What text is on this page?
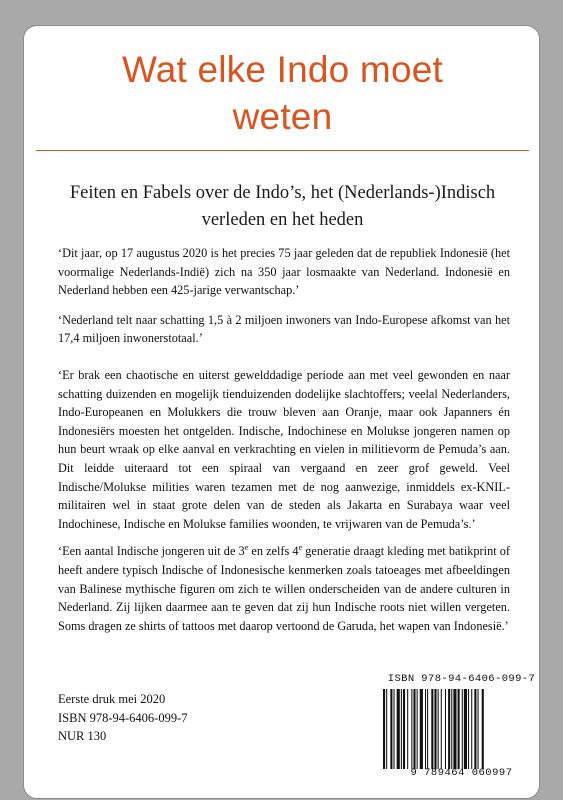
Wat elke Indo moet
weten
Feiten en Fabels over de Indo’s, het (Nederlands-)Indisch
verleden en het heden

‘Dit jaar, op 17 augustus 2020 is het precies 75 jaar geleden dat de republiek Indonesië (het voormalige Nederlands-Indië) zich na 350 jaar losmaakte van Nederland. Indonesië en Nederland hebben een 425-jarige verwantschap.’

‘Nederland telt naar schatting 1,5 à 2 miljoen inwoners van Indo-Europese afkomst van het 17,4 miljoen inwonerstotaal.’

‘Er brak een chaotische en uiterst gewelddadige periode aan met veel gewonden en naar schatting duizenden en mogelijk tienduizenden dodelijke slachtoffers; veelal Nederlanders, Indo-Europeanen en Molukkers die trouw bleven aan Oranje, maar ook Japanners én Indonesiërs moesten het ontgelden. Indische, Indochinese en Molukse jongeren namen op hun beurt wraak op elke aanval en verkrachting en vielen in militievorm de Pemuda’s aan. Dit leidde uiteraard tot een spiraal van vergaand en zeer grof geweld. Veel Indische/Molukse milities waren tezamen met de nog aanwezige, inmiddels ex-KNIL-militairen wel in staat grote delen van de steden als Jakarta en Surabaya waar veel Indochinese, Indische en Molukse families woonden, te vrijwaren van de Pemuda’s.’

‘Een aantal Indische jongeren uit de 3e en zelfs 4e generatie draagt kleding met batikprint of heeft andere typisch Indische of Indonesische kenmerken zoals tatoeages met afbeeldingen van Balinese mythische figuren om zich te willen onderscheiden van de andere culturen in Nederland. Zij lijken daarmee aan te geven dat zij hun Indische roots niet willen vergeten. Soms dragen ze shirts of tattoos met daarop vertoond de Garuda, het wapen van Indonesië.’

Eerste druk mei 2020
ISBN 978-94-6406-099-7
NUR 130
ISBN 978-94-6406-099-7
9 789464 060997
